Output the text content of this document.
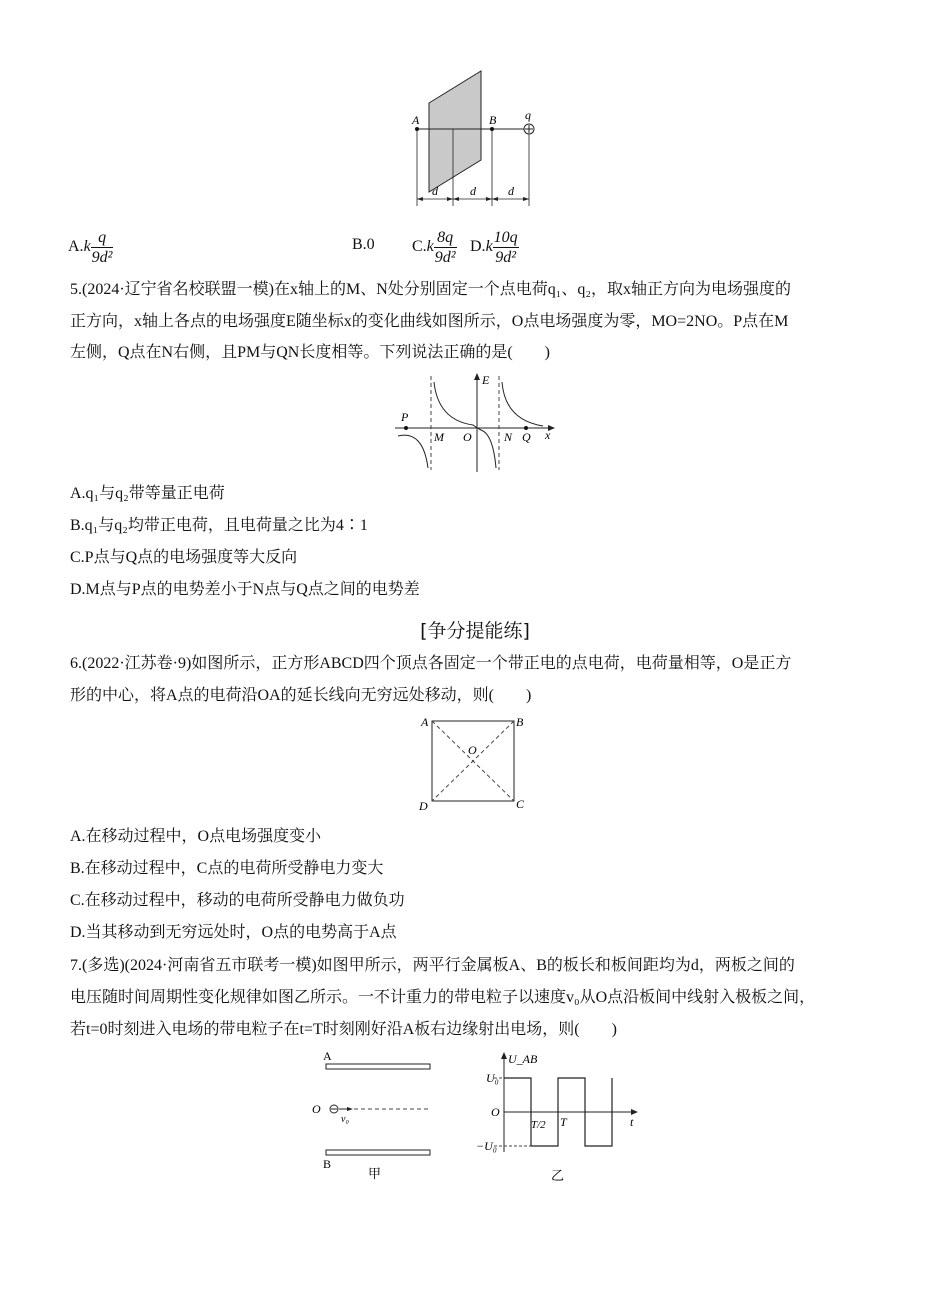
A	B q
d	d	d
$A.k \frac{q}{\text{9d²}}$	B.0 $C.k \frac{8q}{\text{9d²}} D.k \frac{10q}{\text{9d²}}$
5.(2024·辽宁省名校联盟一模)在x轴上的M、N处分别固定一个点电荷q₁、q₂，取x轴正方向为电场强度的
正方向，x轴上各点的电场强度E随坐标x的变化曲线如图所示，O点电场强度为零，MO=2NO。P点在M
左侧，Q点在N右侧，且PM与QN长度相等。下列说法正确的是(　　)
E
P
M O	N Q x
A.q₁与q₂带等量正电荷
B.q₁与q₂均带正电荷，且电荷量之比为4∶1
C.P点与Q点的电场强度等大反向
D.M点与P点的电势差小于N点与Q点之间的电势差
[争分提能练]
6.(2022·江苏卷·9)如图所示，正方形ABCD四个顶点各固定一个带正电的点电荷，电荷量相等，O是正方
形的中心，将A点的电荷沿OA的延长线向无穷远处移动，则(　　)
A	B
C
D
O
A.在移动过程中，O点电场强度变小
B.在移动过程中，C点的电荷所受静电力变大
C.在移动过程中，移动的电荷所受静电力做负功
D.当其移动到无穷远处时，O点的电势高于A点
7.(多选)(2024·河南省五市联考一模)如图甲所示，两平行金属板A、B的板长和板间距均为d，两板之间的
电压随时间周期性变化规律如图乙所示。一不计重力的带电粒子以速度v₀从O点沿板间中线射入极板之间，
若t=0时刻进入电场的带电粒子在t=T时刻刚好沿A板右边缘射出电场，则(　　)
A
B
O
v₀
甲
U_AB
U₀
−U₀
O
T/2 T	t
乙
